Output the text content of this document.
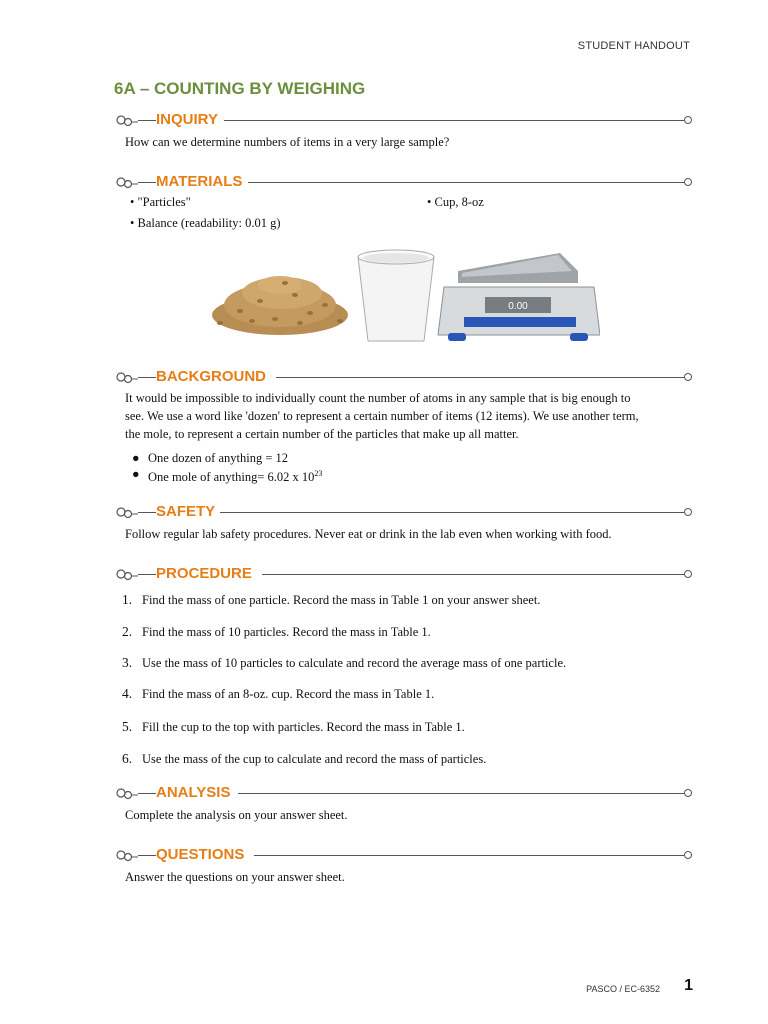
STUDENT HANDOUT
6A – COUNTING BY WEIGHING
INQUIRY
How can we determine numbers of items in a very large sample?
MATERIALS
• "Particles"	• Cup, 8-oz
• Balance (readability: 0.01 g)
0.00
BACKGROUND
It would be impossible to individually count the number of atoms in any sample that is big enough to
see. We use a word like 'dozen' to represent a certain number of items (12 items). We use another term,
the mole, to represent a certain number of the particles that make up all matter.
● One dozen of anything = 12
● One mole of anything= 6.02 x $10^{23}$
SAFETY
Follow regular lab safety procedures. Never eat or drink in the lab even when working with food.
PROCEDURE
1. Find the mass of one particle. Record the mass in Table 1 on your answer sheet.
2. Find the mass of 10 particles. Record the mass in Table 1.
3. Use the mass of 10 particles to calculate and record the average mass of one particle.
4. Find the mass of an 8-oz. cup. Record the mass in Table 1.
5. Fill the cup to the top with particles. Record the mass in Table 1.
6. Use the mass of the cup to calculate and record the mass of particles.
ANALYSIS
Complete the analysis on your answer sheet.
QUESTIONS
Answer the questions on your answer sheet.
PASCO / EC-6352 1
